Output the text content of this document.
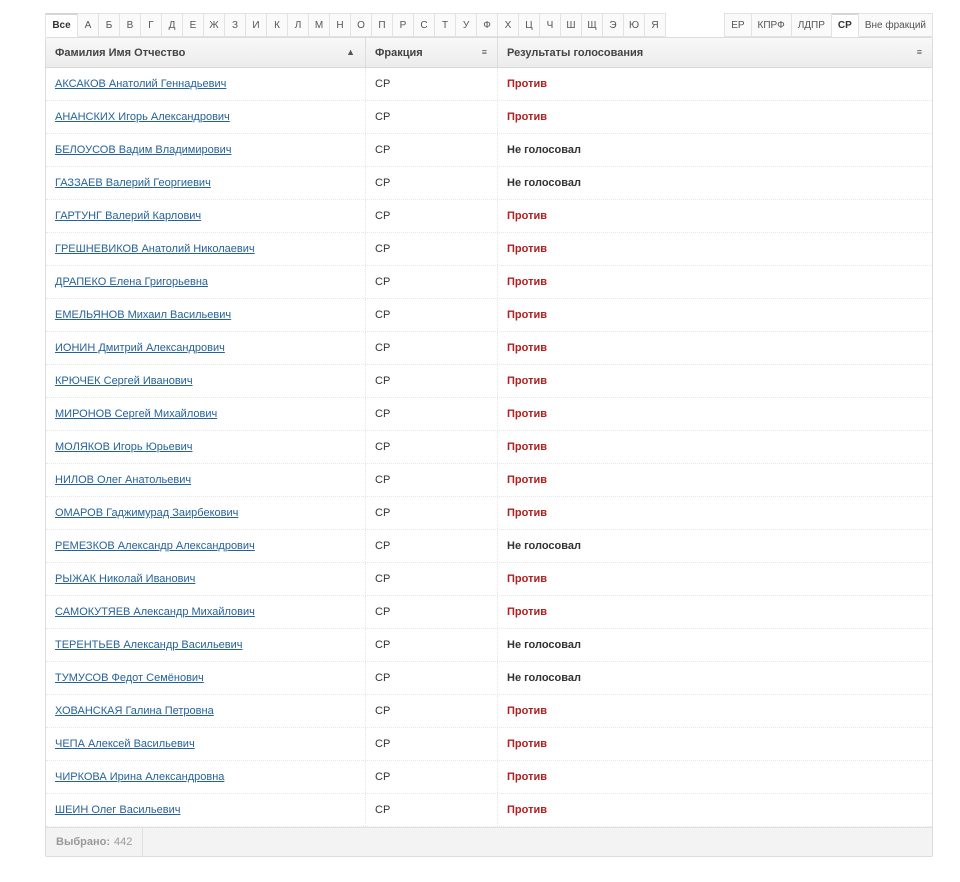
Все	А	Б	В	Г	Д	Е	Ж	З	И	К	Л	М	Н	О	П	Р	С	Т	У	Ф	Х	Ц	Ч	Ш	Щ	Э	Ю	Я	ЕР	КПРФ	ЛДПР	СР	Вне фракций
Фамилия Имя Отчество	▲ Фракция	≡ Результаты голосования	≡
АКСАКОВ Анатолий Геннадьевич	СР	Против
АНАНСКИХ Игорь Александрович	СР	Против
БЕЛОУСОВ Вадим Владимирович	СР	Не голосовал
ГАЗЗАЕВ Валерий Георгиевич	СР	Не голосовал
ГАРТУНГ Валерий Карлович	СР	Против
ГРЕШНЕВИКОВ Анатолий Николаевич	СР	Против
ДРАПЕКО Елена Григорьевна	СР	Против
ЕМЕЛЬЯНОВ Михаил Васильевич	СР	Против
ИОНИН Дмитрий Александрович	СР	Против
КРЮЧЕК Сергей Иванович	СР	Против
МИРОНОВ Сергей Михайлович	СР	Против
МОЛЯКОВ Игорь Юрьевич	СР	Против
НИЛОВ Олег Анатольевич	СР	Против
ОМАРОВ Гаджимурад Заирбекович	СР	Против
РЕМЕЗКОВ Александр Александрович	СР	Не голосовал
РЫЖАК Николай Иванович	СР	Против
САМОКУТЯЕВ Александр Михайлович	СР	Против
ТЕРЕНТЬЕВ Александр Васильевич	СР	Не голосовал
ТУМУСОВ Федот Семёнович	СР	Не голосовал
ХОВАНСКАЯ Галина Петровна	СР	Против
ЧЕПА Алексей Васильевич	СР	Против
ЧИРКОВА Ирина Александровна	СР	Против
ШЕИН Олег Васильевич	СР	Против
Выбрано: 442
